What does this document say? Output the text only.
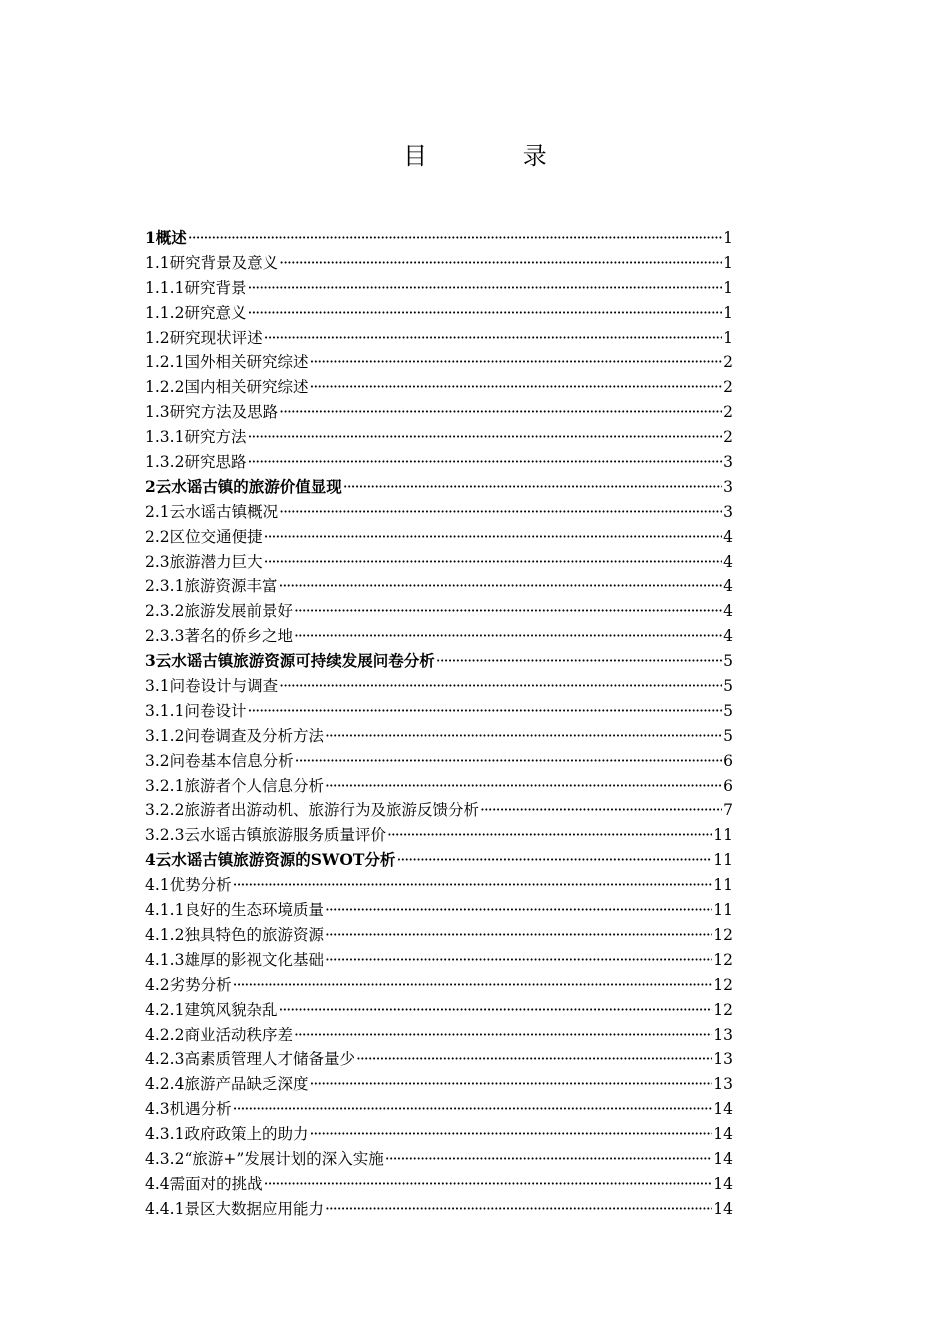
目 录
1概述 ·····	1
1.1研究背景及意义 ·····	1
1.1.1研究背景 ·····	1
1.1.2研究意义 ·····	1
1.2研究现状评述 ·····	1
1.2.1国外相关研究综述 ·····	2
1.2.2国内相关研究综述 ·····	2
1.3研究方法及思路 ·····	2
1.3.1研究方法 ·····	2
1.3.2研究思路 ·····	3
2云水谣古镇的旅游价值显现 ·····	3
2.1云水谣古镇概况 ·····	3
2.2区位交通便捷 ·····	4
2.3旅游潜力巨大 ·····	4
2.3.1旅游资源丰富 ·····	4
2.3.2旅游发展前景好 ·····	4
2.3.3著名的侨乡之地 ·····	4
3云水谣古镇旅游资源可持续发展问卷分析 ·····	5
3.1问卷设计与调查 ·····	5
3.1.1问卷设计 ·····	5
3.1.2问卷调查及分析方法 ·····	5
3.2问卷基本信息分析 ·····	6
3.2.1旅游者个人信息分析 ·····	6
3.2.2旅游者出游动机、旅游行为及旅游反馈分析 ·····	7
3.2.3云水谣古镇旅游服务质量评价 ·····	11
4云水谣古镇旅游资源的SWOT分析 ·····	11
4.1优势分析 ·····	11
4.1.1良好的生态环境质量 ·····	11
4.1.2独具特色的旅游资源 ·····	12
4.1.3雄厚的影视文化基础 ·····	12
4.2劣势分析 ·····	12
4.2.1建筑风貌杂乱 ·····	12
4.2.2商业活动秩序差 ·····	13
4.2.3高素质管理人才储备量少 ·····	13
4.2.4旅游产品缺乏深度 ·····	13
4.3机遇分析 ·····	14
4.3.1政府政策上的助力 ·····	14
4.3.2“旅游+”发展计划的深入实施 ·····	14
4.4需面对的挑战 ·····	14
4.4.1景区大数据应用能力 ·····	14
